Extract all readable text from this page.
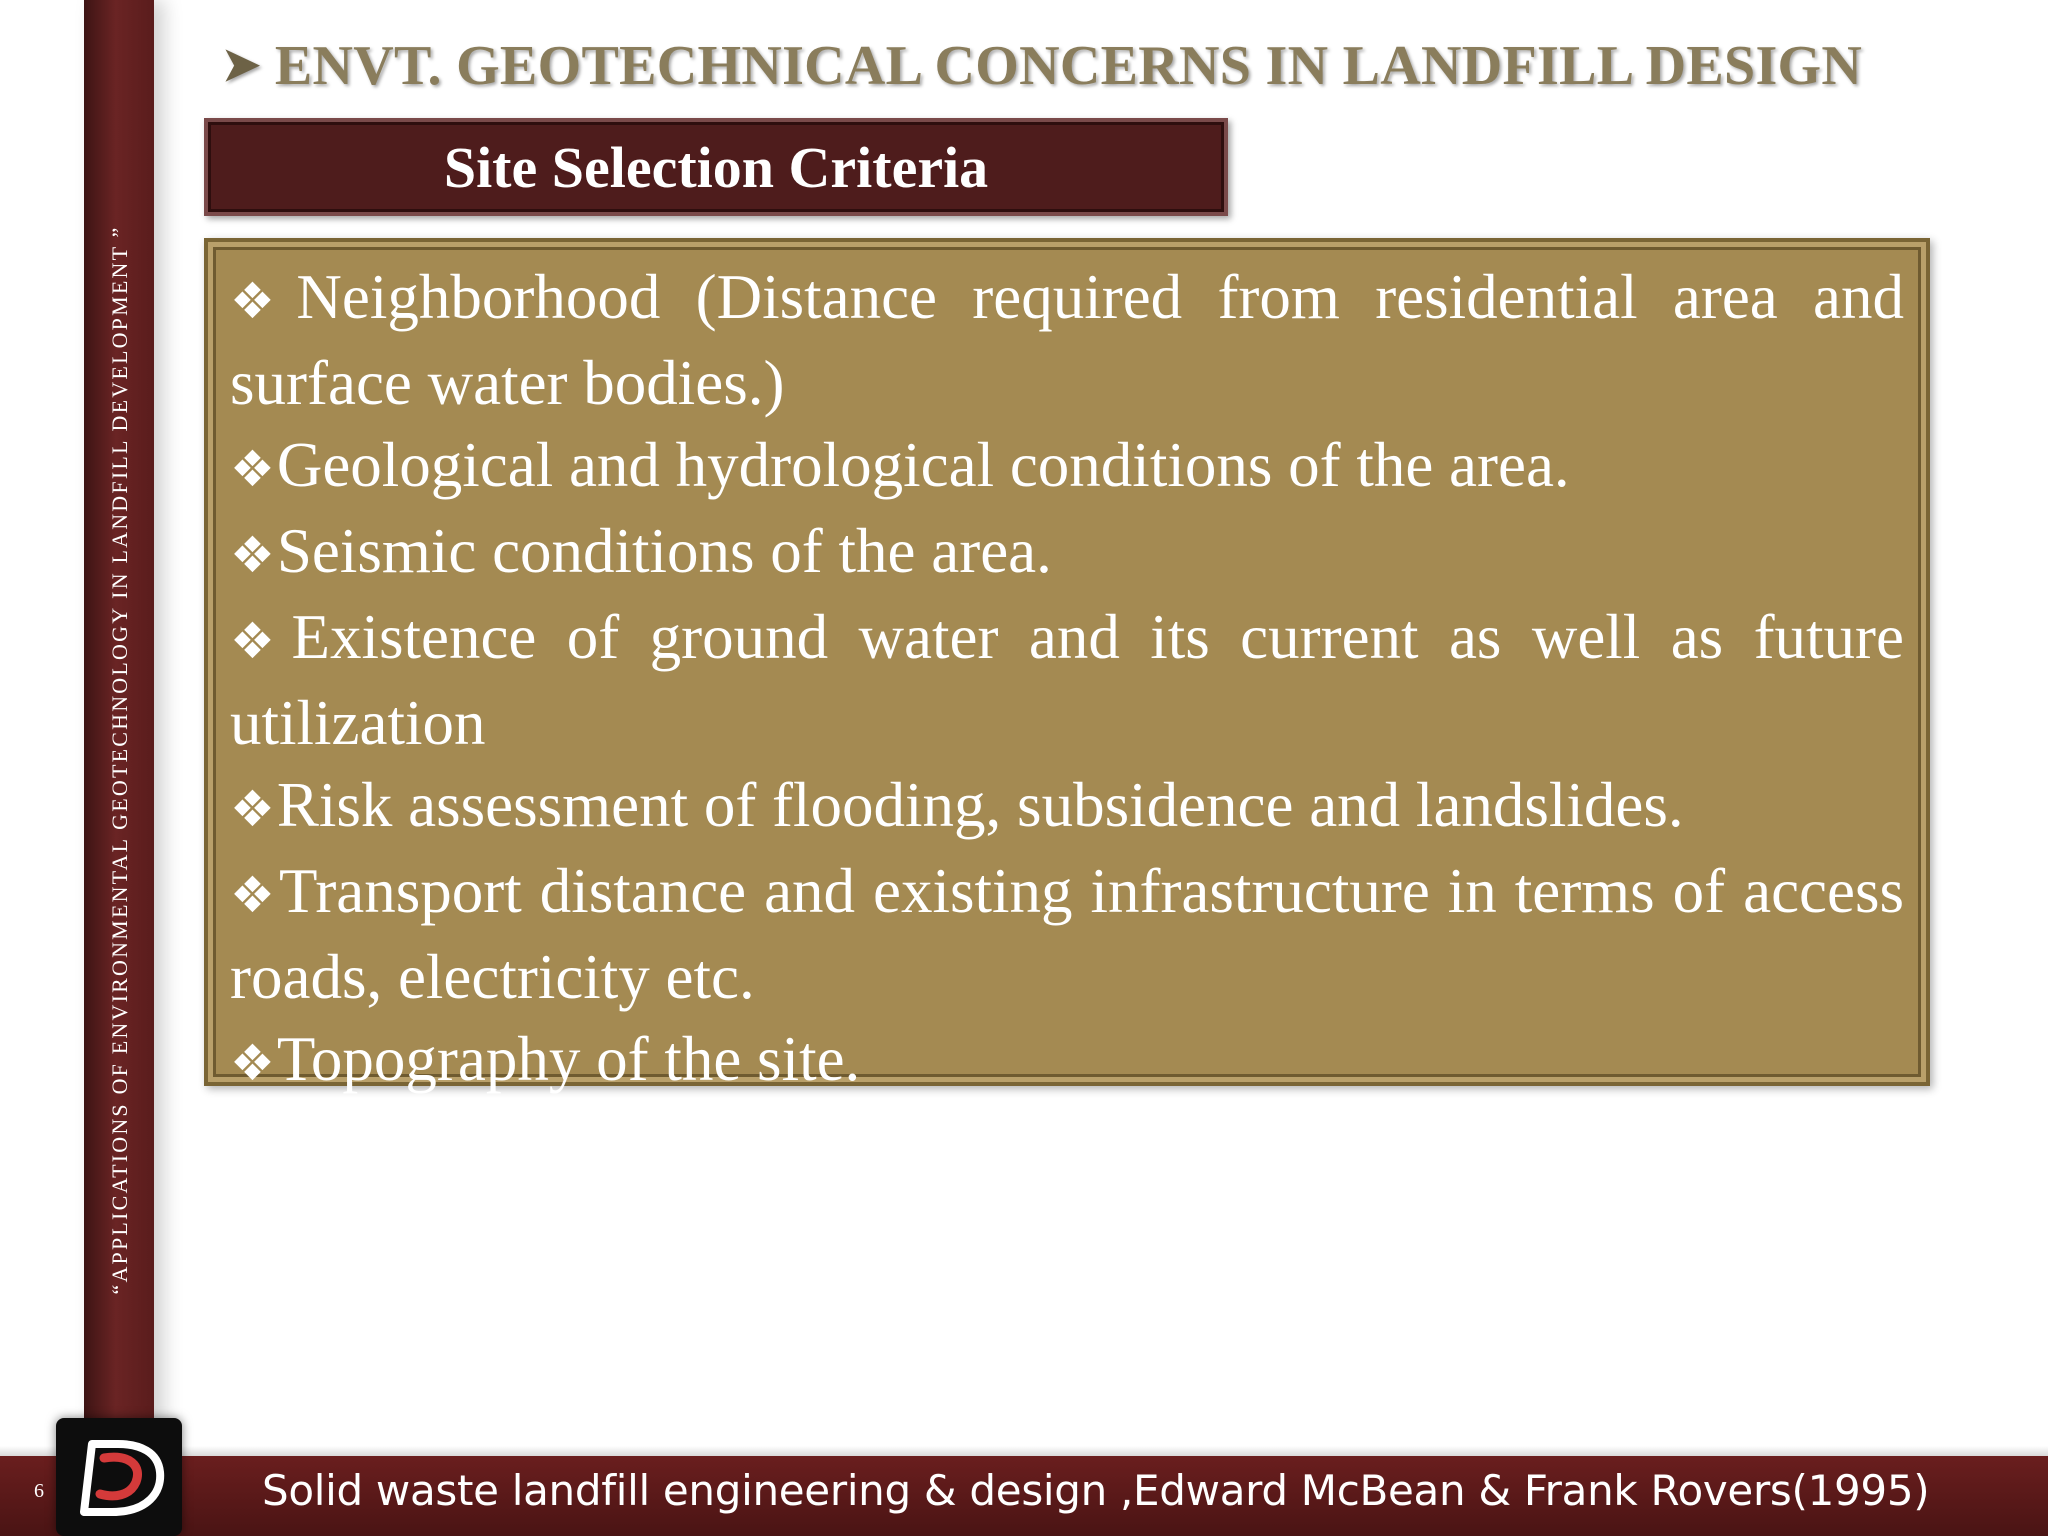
“APPLICATIONS OF ENVIRONMENTAL GEOTECHNOLOGY IN LANDFILL DEVELOPMENT ”
➤ ENVT. GEOTECHNICAL CONCERNS IN LANDFILL DESIGN
Site Selection Criteria
❖Neighborhood (Distance required from residential area and surface water bodies.)
❖Geological and hydrological conditions of the area.
❖Seismic conditions of the area.
❖Existence of ground water and its current as well as future utilization
❖Risk assessment of flooding, subsidence and landslides.
❖Transport distance and existing infrastructure in terms of access roads, electricity etc.
❖Topography of the site.
6	Solid waste landfill engineering & design ,Edward McBean & Frank Rovers(1995)
